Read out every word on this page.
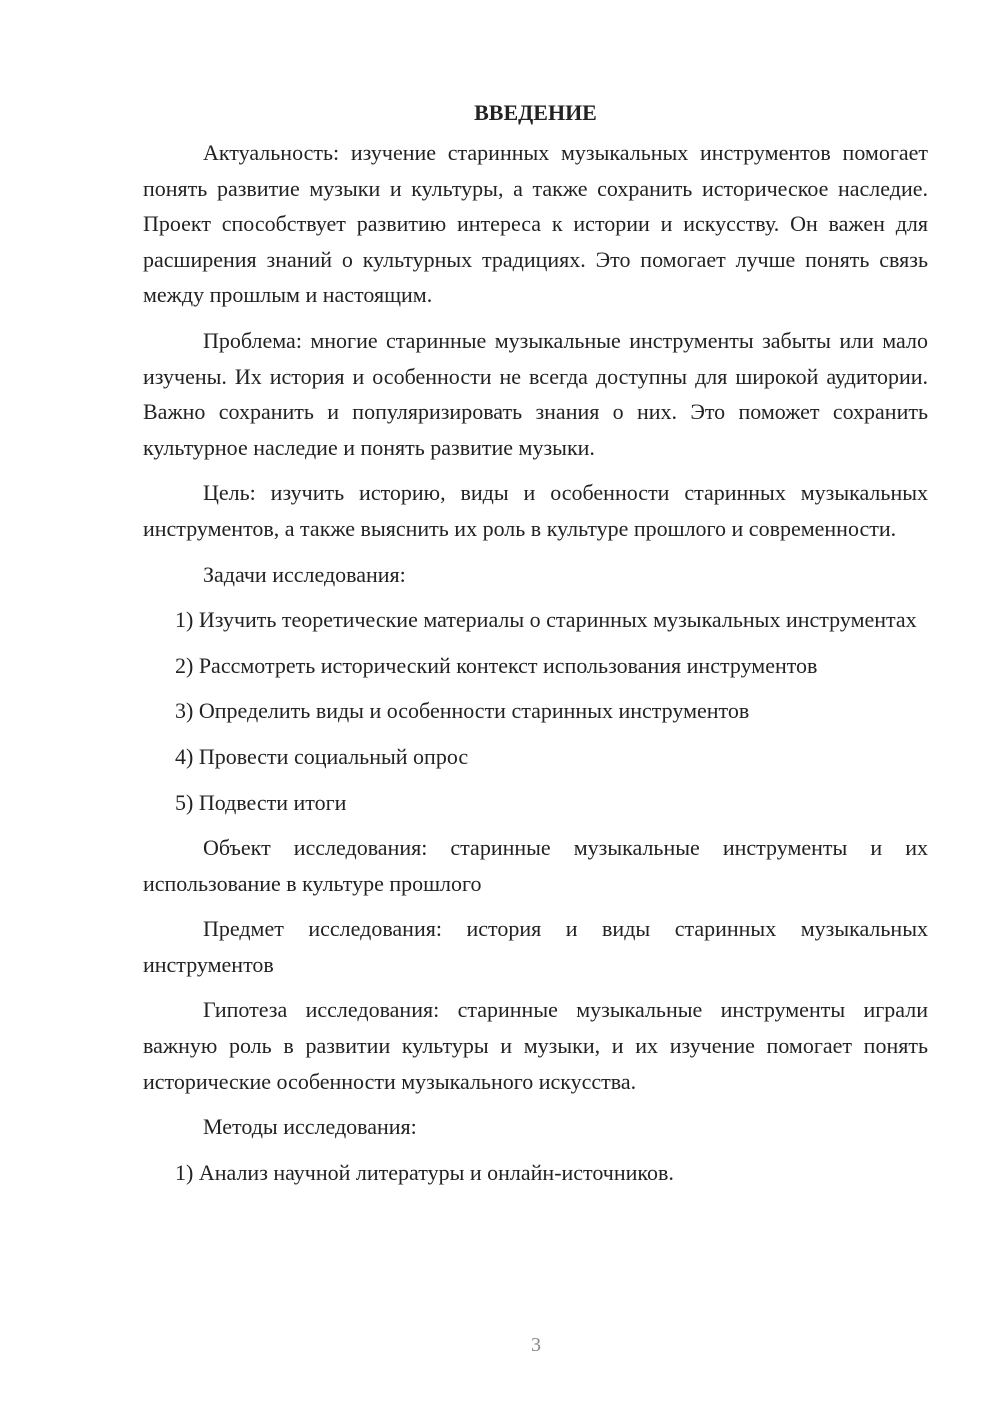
ВВЕДЕНИЕ

Актуальность: изучение старинных музыкальных инструментов помогает понять развитие музыки и культуры, а также сохранить историческое наследие. Проект способствует развитию интереса к истории и искусству. Он важен для расширения знаний о культурных традициях. Это помогает лучше понять связь между прошлым и настоящим.

Проблема: многие старинные музыкальные инструменты забыты или мало изучены. Их история и особенности не всегда доступны для широкой аудитории. Важно сохранить и популяризировать знания о них. Это поможет сохранить культурное наследие и понять развитие музыки.

Цель: изучить историю, виды и особенности старинных музыкальных инструментов, а также выяснить их роль в культуре прошлого и современности.

Задачи исследования:

1) Изучить теоретические материалы о старинных музыкальных инструментах

2) Рассмотреть исторический контекст использования инструментов

3) Определить виды и особенности старинных инструментов

4) Провести социальный опрос

5) Подвести итоги

Объект исследования: старинные музыкальные инструменты и их использование в культуре прошлого

Предмет исследования: история и виды старинных музыкальных инструментов

Гипотеза исследования: старинные музыкальные инструменты играли важную роль в развитии культуры и музыки, и их изучение помогает понять исторические особенности музыкального искусства.

Методы исследования:

1) Анализ научной литературы и онлайн-источников.

3
